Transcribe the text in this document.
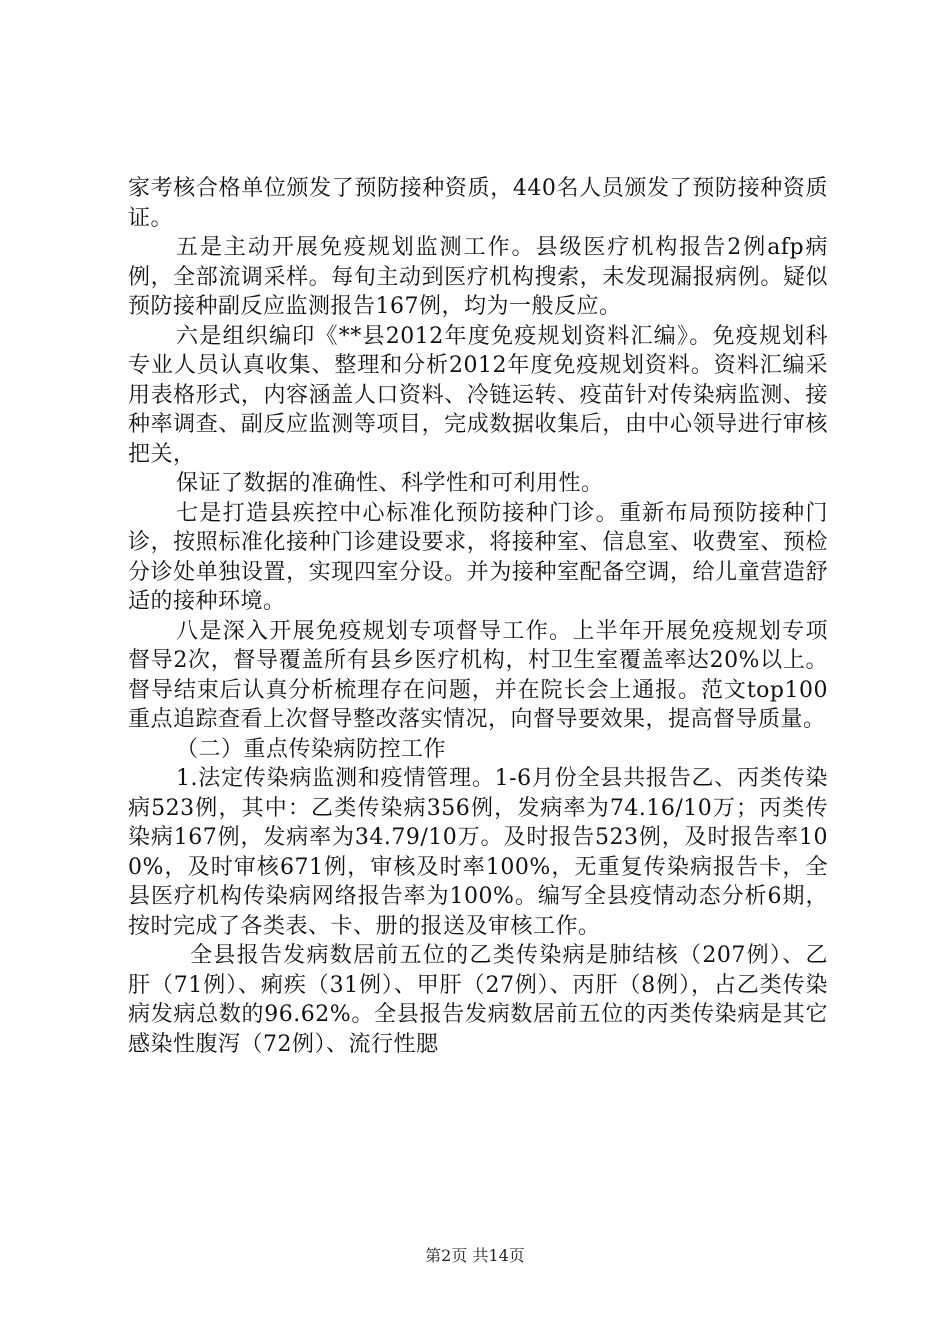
家考核合格单位颁发了预防接种资质，440名人员颁发了预防接种资质证。

五是主动开展免疫规划监测工作。县级医疗机构报告2例afp病例，全部流调采样。每旬主动到医疗机构搜索，未发现漏报病例。疑似预防接种副反应监测报告167例，均为一般反应。

六是组织编印《**县2012年度免疫规划资料汇编》。免疫规划科专业人员认真收集、整理和分析2012年度免疫规划资料。资料汇编采用表格形式，内容涵盖人口资料、冷链运转、疫苗针对传染病监测、接种率调查、副反应监测等项目，完成数据收集后，由中心领导进行审核把关，

保证了数据的准确性、科学性和可利用性。

七是打造县疾控中心标准化预防接种门诊。重新布局预防接种门诊，按照标准化接种门诊建设要求，将接种室、信息室、收费室、预检分诊处单独设置，实现四室分设。并为接种室配备空调，给儿童营造舒适的接种环境。

八是深入开展免疫规划专项督导工作。上半年开展免疫规划专项督导2次，督导覆盖所有县乡医疗机构，村卫生室覆盖率达20%以上。督导结束后认真分析梳理存在问题，并在院长会上通报。范文top100重点追踪查看上次督导整改落实情况，向督导要效果，提高督导质量。

（二）重点传染病防控工作

1.法定传染病监测和疫情管理。1-6月份全县共报告乙、丙类传染病523例，其中：乙类传染病356例，发病率为74.16/10万；丙类传染病167例，发病率为34.79/10万。及时报告523例，及时报告率100%，及时审核671例，审核及时率100%，无重复传染病报告卡，全县医疗机构传染病网络报告率为100%。编写全县疫情动态分析6期，按时完成了各类表、卡、册的报送及审核工作。

全县报告发病数居前五位的乙类传染病是肺结核（207例）、乙肝（71例）、痢疾（31例）、甲肝（27例）、丙肝（8例），占乙类传染病发病总数的96.62%。全县报告发病数居前五位的丙类传染病是其它感染性腹泻（72例）、流行性腮

第2页 共14页
